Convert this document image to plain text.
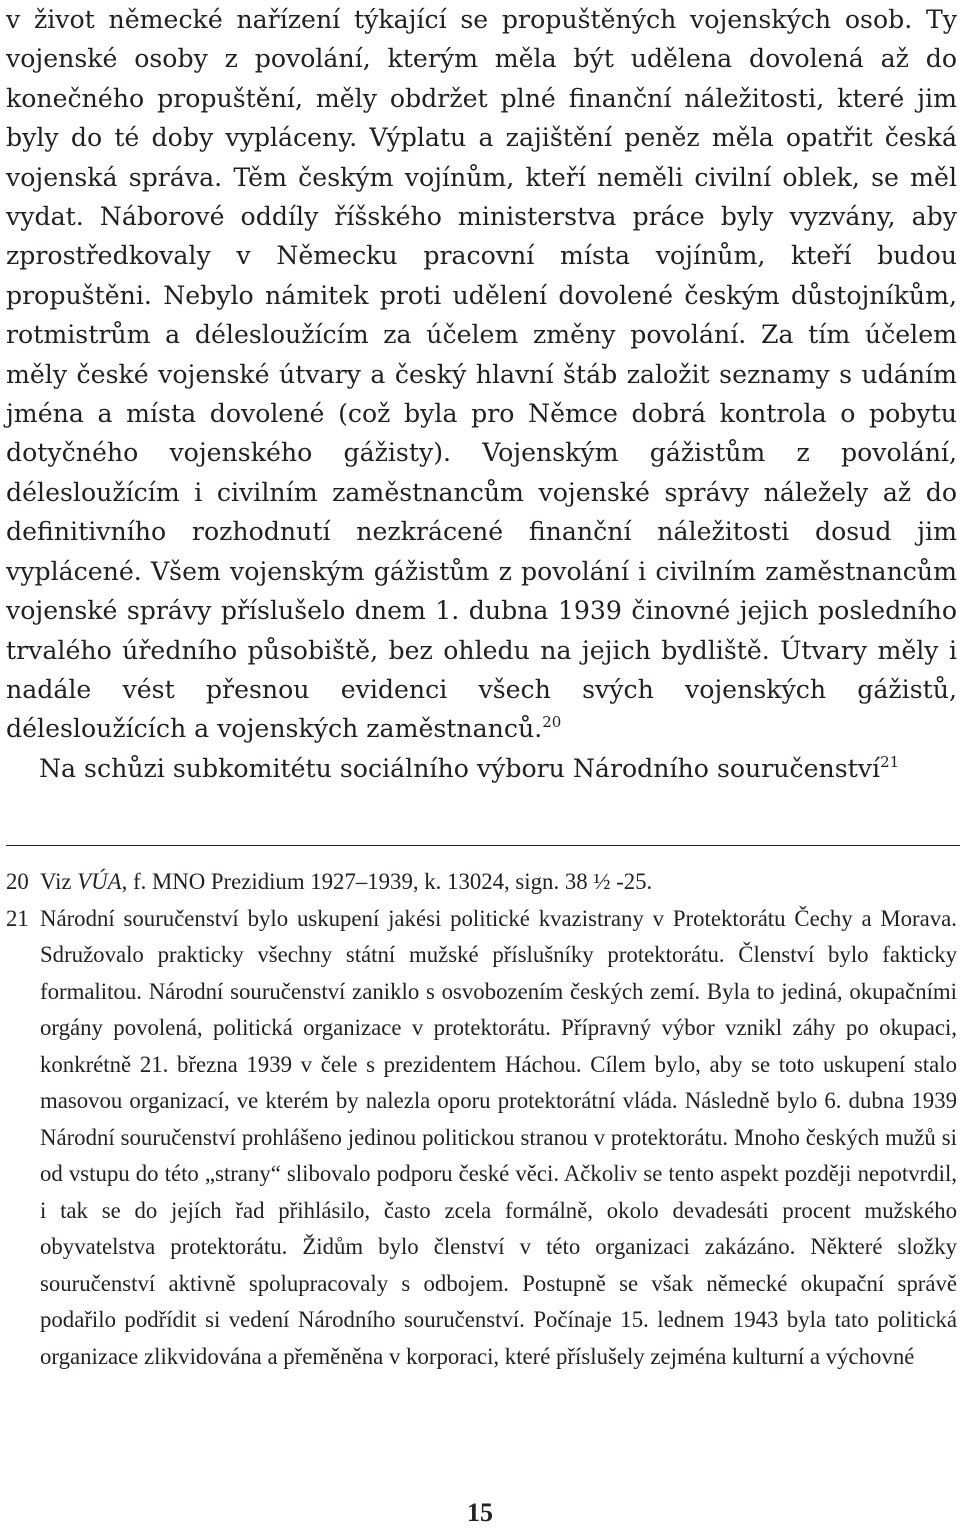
v život německé nařízení týkající se propuštěných vojenských osob. Ty vojenské osoby z povolání, kterým měla být udělena dovolená až do konečného propuštění, měly obdržet plné finanční náležitosti, které jim byly do té doby vypláceny. Výplatu a zajištění peněz měla opatřit česká vojenská správa. Těm českým vojínům, kteří neměli civilní oblek, se měl vydat. Náborové oddíly říšského ministerstva práce byly vyzvány, aby zprostředkovaly v Německu pracovní místa vojínům, kteří budou propuštěni. Nebylo námitek proti udělení dovolené českým důstojníkům, rotmistrům a délesloužícím za účelem změny povolání. Za tím účelem měly české vojenské útvary a český hlavní štáb založit seznamy s udáním jména a místa dovolené (což byla pro Němce dobrá kontrola o pobytu dotyčného vojenského gážisty). Vojenským gážistům z povolání, délesloužícím i civilním zaměstnancům vojenské správy náležely až do definitivního rozhodnutí nezkrácené finanční náležitosti dosud jim vyplácené. Všem vojenským gážistům z povolání i civilním zaměstnancům vojenské správy příslušelo dnem 1. dubna 1939 činovné jejich posledního trvalého úředního působiště, bez ohledu na jejich bydliště. Útvary měly i nadále vést přesnou evidenci všech svých vojenských gážistů, délesloužících a vojenských zaměstnanců.$^{20}$

Na schůzi subkomitétu sociálního výboru Národního souručenství$^{21}$

20 Viz VÚA, f. MNO Prezidium 1927–1939, k. 13024, sign. 38 ½ -25.
21 Národní souručenství bylo uskupení jakési politické kvazistrany v Protektorátu Čechy a Morava. Sdružovalo prakticky všechny státní mužské příslušníky protektorátu. Členství bylo fakticky formalitou. Národní souručenství zaniklo s osvobozením českých zemí. Byla to jediná, okupačními orgány povolená, politická organizace v protektorátu. Přípravný výbor vznikl záhy po okupaci, konkrétně 21. března 1939 v čele s prezidentem Háchou. Cílem bylo, aby se toto uskupení stalo masovou organizací, ve kterém by nalezla oporu protektorátní vláda. Následně bylo 6. dubna 1939 Národní souručenství prohlášeno jedinou politickou stranou v protektorátu. Mnoho českých mužů si od vstupu do této „strany“ slibovalo podporu české věci. Ačkoliv se tento aspekt později nepotvrdil, i tak se do jejích řad přihlásilo, často zcela formálně, okolo devadesáti procent mužského obyvatelstva protektorátu. Židům bylo členství v této organizaci zakázáno. Některé složky souručenství aktivně spolupracovaly s odbojem. Postupně se však německé okupační správě podařilo podřídit si vedení Národního souručenství. Počínaje 15. lednem 1943 byla tato politická organizace zlikvidována a přeměněna v korporaci, které příslušely zejména kulturní a výchovné
15
